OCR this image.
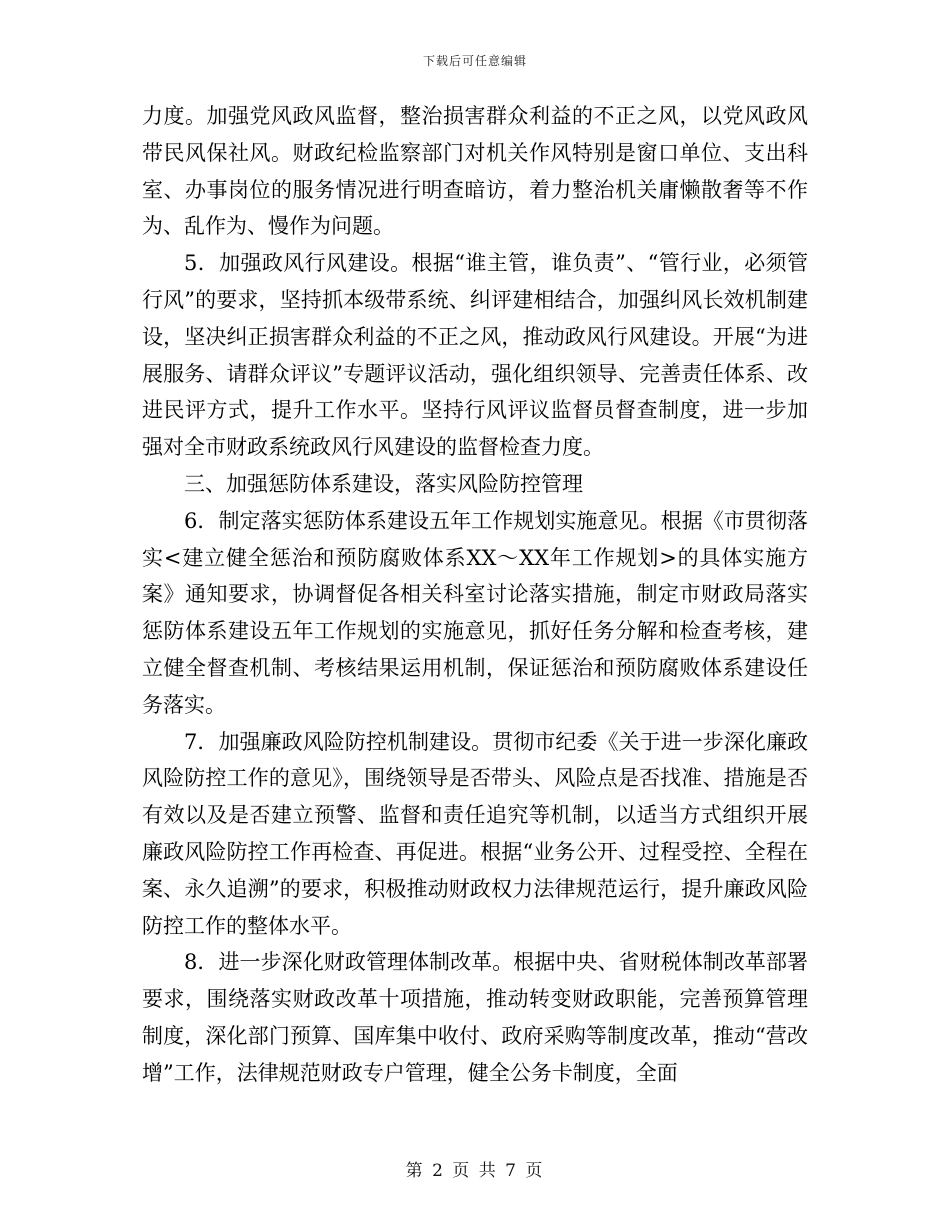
下载后可任意编辑

力度。加强党风政风监督，整治损害群众利益的不正之风，以党风政风带民风保社风。财政纪检监察部门对机关作风特别是窗口单位、支出科室、办事岗位的服务情况进行明查暗访，着力整治机关庸懒散奢等不作为、乱作为、慢作为问题。

5．加强政风行风建设。根据“谁主管，谁负责”、“管行业，必须管行风”的要求，坚持抓本级带系统、纠评建相结合，加强纠风长效机制建设，坚决纠正损害群众利益的不正之风，推动政风行风建设。开展“为进展服务、请群众评议”专题评议活动，强化组织领导、完善责任体系、改进民评方式，提升工作水平。坚持行风评议监督员督查制度，进一步加强对全市财政系统政风行风建设的监督检查力度。

三、加强惩防体系建设，落实风险防控管理

6．制定落实惩防体系建设五年工作规划实施意见。根据《市贯彻落实<建立健全惩治和预防腐败体系XX～XX年工作规划>的具体实施方案》通知要求，协调督促各相关科室讨论落实措施，制定市财政局落实惩防体系建设五年工作规划的实施意见，抓好任务分解和检查考核，建立健全督查机制、考核结果运用机制，保证惩治和预防腐败体系建设任务落实。

7．加强廉政风险防控机制建设。贯彻市纪委《关于进一步深化廉政风险防控工作的意见》，围绕领导是否带头、风险点是否找准、措施是否有效以及是否建立预警、监督和责任追究等机制，以适当方式组织开展廉政风险防控工作再检查、再促进。根据“业务公开、过程受控、全程在案、永久追溯”的要求，积极推动财政权力法律规范运行，提升廉政风险防控工作的整体水平。

8．进一步深化财政管理体制改革。根据中央、省财税体制改革部署要求，围绕落实财政改革十项措施，推动转变财政职能，完善预算管理制度，深化部门预算、国库集中收付、政府采购等制度改革，推动“营改增”工作，法律规范财政专户管理，健全公务卡制度，全面

第 2 页 共 7 页
